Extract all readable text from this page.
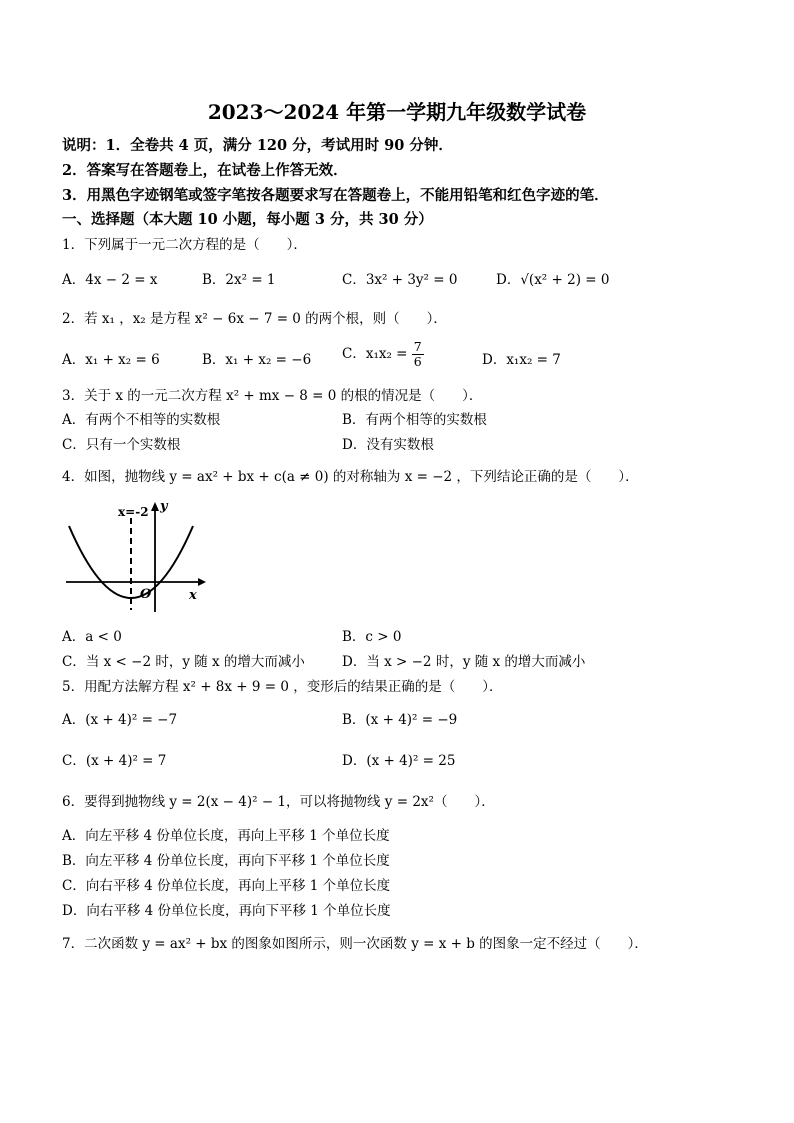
2023～2024 年第一学期九年级数学试卷
说明：1．全卷共 4 页，满分 120 分，考试用时 90 分钟．
2．答案写在答题卷上，在试卷上作答无效．
3．用黑色字迹钢笔或签字笔按各题要求写在答题卷上，不能用铅笔和红色字迹的笔．
一、选择题（本大题 10 小题，每小题 3 分，共 30 分）
1．下列属于一元二次方程的是（　　）．
A．4x − 2 = x	B．2x² = 1	C．3x² + 3y² = 0	D．√(x² + 2) = 0
2．若 x₁ ，x₂ 是方程 x² − 6x − 7 = 0 的两个根，则（　　）．
A．x₁ + x₂ = 6	B．x₁ + x₂ = −6 C．$x_1x_2 = \frac{7}{6}$	D．x₁x₂ = 7
3．关于 x 的一元二次方程 x² + mx − 8 = 0 的根的情况是（　　）．
A．有两个不相等的实数根	B．有两个相等的实数根
C．只有一个实数根	D．没有实数根
4．如图，抛物线 y = ax² + bx + c(a ≠ 0) 的对称轴为 x = −2 ，下列结论正确的是（　　）．
x=-2 y
x
O
A．a < 0	B．c > 0
C．当 x < −2 时，y 随 x 的增大而减小	D．当 x > −2 时，y 随 x 的增大而减小
5．用配方法解方程 x² + 8x + 9 = 0 ，变形后的结果正确的是（　　）．
A．(x + 4)² = −7	B．(x + 4)² = −9
C．(x + 4)² = 7	D．(x + 4)² = 25
6．要得到抛物线 y = 2(x − 4)² − 1，可以将抛物线 y = 2x²（　　）．
A．向左平移 4 份单位长度，再向上平移 1 个单位长度
B．向左平移 4 份单位长度，再向下平移 1 个单位长度
C．向右平移 4 份单位长度，再向上平移 1 个单位长度
D．向右平移 4 份单位长度，再向下平移 1 个单位长度
7．二次函数 y = ax² + bx 的图象如图所示，则一次函数 y = x + b 的图象一定不经过（　　）．
